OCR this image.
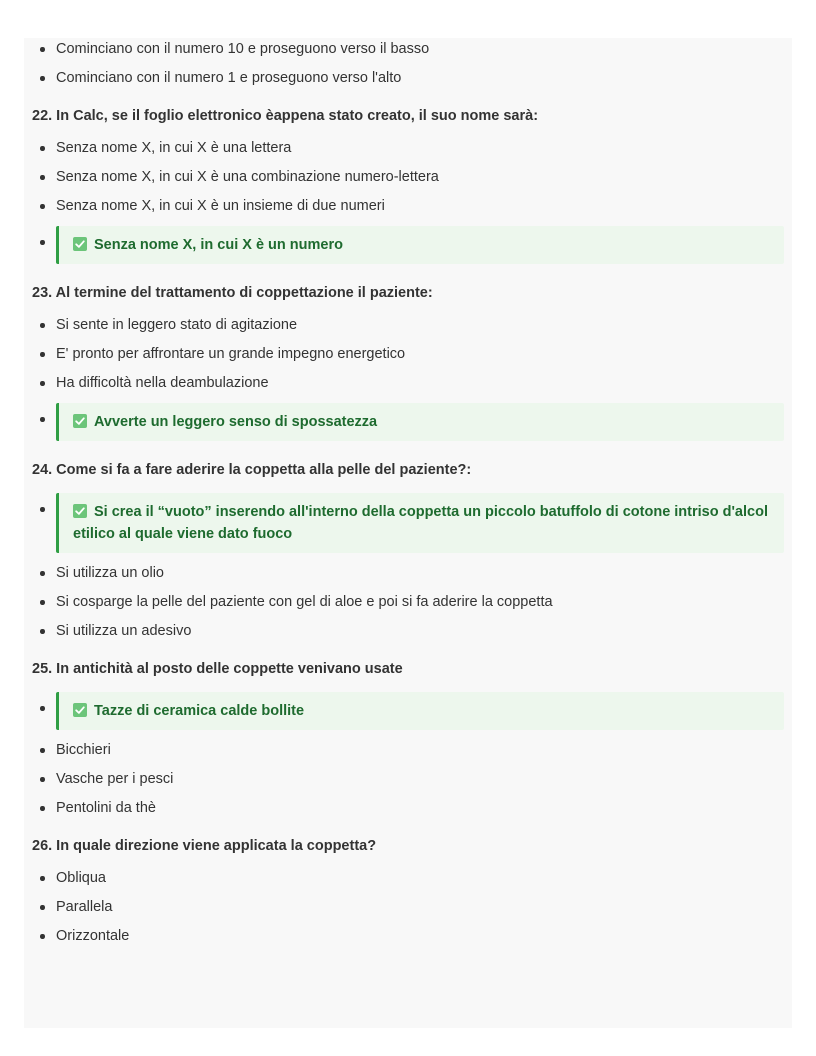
Cominciano con il numero 10 e proseguono verso il basso
Cominciano con il numero 1 e proseguono verso l'alto
22. In Calc, se il foglio elettronico èappena stato creato, il suo nome sarà:
Senza nome X, in cui X è una lettera
Senza nome X, in cui X è una combinazione numero-lettera
Senza nome X, in cui X è un insieme di due numeri
Senza nome X, in cui X è un numero
23. Al termine del trattamento di coppettazione il paziente:
Si sente in leggero stato di agitazione
E' pronto per affrontare un grande impegno energetico
Ha difficoltà nella deambulazione
Avverte un leggero senso di spossatezza
24. Come si fa a fare aderire la coppetta alla pelle del paziente?:
Si crea il “vuoto” inserendo all'interno della coppetta un piccolo batuffolo di cotone intriso d'alcol etilico al quale viene dato fuoco
Si utilizza un olio
Si cosparge la pelle del paziente con gel di aloe e poi si fa aderire la coppetta
Si utilizza un adesivo
25. In antichità al posto delle coppette venivano usate
Tazze di ceramica calde bollite
Bicchieri
Vasche per i pesci
Pentolini da thè
26. In quale direzione viene applicata la coppetta?
Obliqua
Parallela
Orizzontale
